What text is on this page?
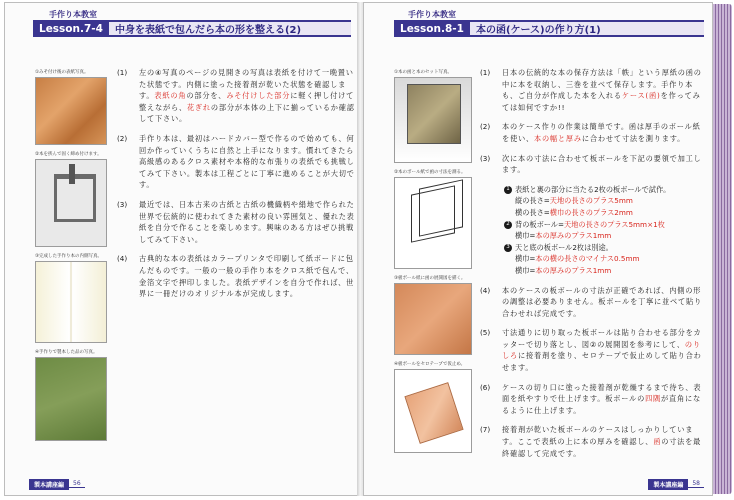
手作り本教室
Lesson.7-4	中身を表紙で包んだら本の形を整える(2)
①みそ付け後の表紙写真。
②本を挟んで固く締め付けます。
③完成した手作り本の内側写真。
④手作りで製本した品の写真。
(1)	左の④写真のページの見開きの写真は表紙を付けて一晩置いた状態です。内側に塗った接着剤が乾いた状態を確認します。表紙の角の部分を、みそ付けした部分に軽く押し付けて整えながら、花ぎれの部分が本体の上下に揃っているか確認して下さい。
(2)	手作り本は、最初はハードカバー型で作るので始めても、何回か作っていくうちに自然と上手になります。慣れてきたら高級感のあるクロス素材や本格的な布張りの表紙でも挑戦してみて下さい。製本は工程ごとに丁寧に進めることが大切です。
(3)	最近では、日本古来の古紙と古紙の機織柄や絹地で作られた世界で伝統的に使われてきた素材の良い雰囲気と、優れた表紙を自分で作ることを楽しめます。興味のある方はぜひ挑戦してみて下さい。
(4)	古典的な本の表紙はカラープリンタで印刷して紙ボードに包んだものです。一般の一般の手作り本をクロス紙で包んで、金箔文字で押印しました。表紙デザインを自分で作れば、世界に一冊だけのオリジナル本が完成します。
製本講座編	56
手作り本教室
Lesson.8-1	本の函(ケース)の作り方(1)
①本の函と本のセット写真。
②本のボール紙で函の寸法を測る。
③板ボール紙に函の展開図を描く。
④板ボールをセロテープで仮止め。
(1)	日本の伝統的な本の保存方法は「帙」という厚紙の函の中に本を収納し、三巻を並べて保存します。手作り本も、ご自分が作成した本を入れるケース(函)を作ってみては如何ですか!!
(2)	本のケース作りの作業は簡単です。函は厚手のボール紙を使い、本の幅と厚みに合わせて寸法を測ります。
(3)	次に本の寸法に合わせて板ボールを下記の要領で加工します。
1 表紙と裏の部分に当たる2枚の板ボールで試作。
縦の長さ=天地の長さのプラス5mm
横の長さ=横巾の長さのプラス2mm
2 背の板ボール=天地の長さのプラス5mm×1枚
横巾=本の厚みのプラス1mm
3 天と底の板ボール2枚は別途。
横巾=本の横の長さのマイナス0.5mm
横巾=本の厚みのプラス1mm
(4)	本のケースの板ボールの寸法が正確であれば、内側の形の調整は必要ありません。板ボールを丁寧に並べて貼り合わせれば完成です。
(5)	寸法通りに切り取った板ボールは貼り合わせる部分をカッターで切り落とし、図②の展開図を参考にして、のりしろに接着剤を塗り、セロテープで仮止めして貼り合わせます。
(6)	ケースの切り口に塗った接着剤が乾燥するまで待ち、表面を紙やすりで仕上げます。板ボールの四隅が直角になるように仕上げます。
(7)	接着剤が乾いた板ボールのケースはしっかりしています。ここで表紙の上に本の厚みを確認し、函の寸法を最終確認して完成です。
製本講座編	58
